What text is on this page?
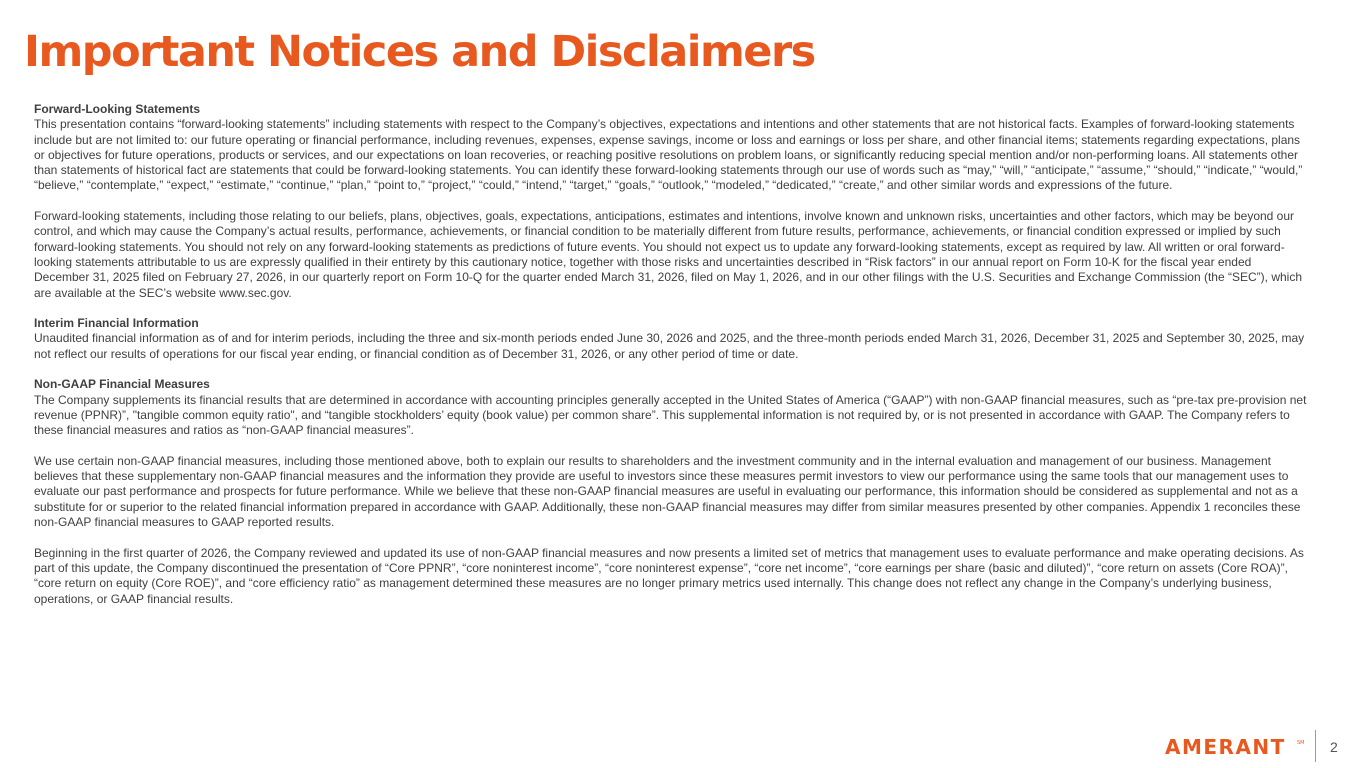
Important Notices and Disclaimers

Forward-Looking Statements
This presentation contains “forward-looking statements” including statements with respect to the Company’s objectives, expectations and intentions and other statements that are not historical facts. Examples of forward-looking statements include but are not limited to: our future operating or financial performance, including revenues, expenses, expense savings, income or loss and earnings or loss per share, and other financial items; statements regarding expectations, plans or objectives for future operations, products or services, and our expectations on loan recoveries, or reaching positive resolutions on problem loans, or significantly reducing special mention and/or non-performing loans. All statements other than statements of historical fact are statements that could be forward-looking statements. You can identify these forward-looking statements through our use of words such as “may,” “will,” “anticipate,” “assume,” “should,” “indicate,” “would,” “believe,” “contemplate,” “expect,” “estimate,” “continue,” “plan,” “point to,” “project,” “could,” “intend,” “target,” “goals,” “outlook,” “modeled,” “dedicated,” “create,” and other similar words and expressions of the future.

Forward-looking statements, including those relating to our beliefs, plans, objectives, goals, expectations, anticipations, estimates and intentions, involve known and unknown risks, uncertainties and other factors, which may be beyond our control, and which may cause the Company’s actual results, performance, achievements, or financial condition to be materially different from future results, performance, achievements, or financial condition expressed or implied by such forward-looking statements. You should not rely on any forward-looking statements as predictions of future events. You should not expect us to update any forward-looking statements, except as required by law. All written or oral forward-looking statements attributable to us are expressly qualified in their entirety by this cautionary notice, together with those risks and uncertainties described in “Risk factors” in our annual report on Form 10-K for the fiscal year ended December 31, 2025 filed on February 27, 2026, in our quarterly report on Form 10-Q for the quarter ended March 31, 2026, filed on May 1, 2026, and in our other filings with the U.S. Securities and Exchange Commission (the “SEC”), which are available at the SEC’s website www.sec.gov.

Interim Financial Information
Unaudited financial information as of and for interim periods, including the three and six-month periods ended June 30, 2026 and 2025, and the three-month periods ended March 31, 2026, December 31, 2025 and September 30, 2025, may not reflect our results of operations for our fiscal year ending, or financial condition as of December 31, 2026, or any other period of time or date.

Non-GAAP Financial Measures
The Company supplements its financial results that are determined in accordance with accounting principles generally accepted in the United States of America (“GAAP”) with non-GAAP financial measures, such as “pre-tax pre-provision net revenue (PPNR)”, "tangible common equity ratio", and “tangible stockholders’ equity (book value) per common share”. This supplemental information is not required by, or is not presented in accordance with GAAP. The Company refers to these financial measures and ratios as “non-GAAP financial measures”.

We use certain non-GAAP financial measures, including those mentioned above, both to explain our results to shareholders and the investment community and in the internal evaluation and management of our business. Management believes that these supplementary non-GAAP financial measures and the information they provide are useful to investors since these measures permit investors to view our performance using the same tools that our management uses to evaluate our past performance and prospects for future performance. While we believe that these non-GAAP financial measures are useful in evaluating our performance, this information should be considered as supplemental and not as a substitute for or superior to the related financial information prepared in accordance with GAAP. Additionally, these non-GAAP financial measures may differ from similar measures presented by other companies. Appendix 1 reconciles these non-GAAP financial measures to GAAP reported results.

Beginning in the first quarter of 2026, the Company reviewed and updated its use of non-GAAP financial measures and now presents a limited set of metrics that management uses to evaluate performance and make operating decisions. As part of this update, the Company discontinued the presentation of “Core PPNR”, “core noninterest income”, “core noninterest expense”, “core net income”, “core earnings per share (basic and diluted)”, “core return on assets (Core ROA)”, “core return on equity (Core ROE)”, and “core efficiency ratio” as management determined these measures are no longer primary metrics used internally. This change does not reflect any change in the Company’s underlying business, operations, or GAAP financial results.

AMERANT SM 2
